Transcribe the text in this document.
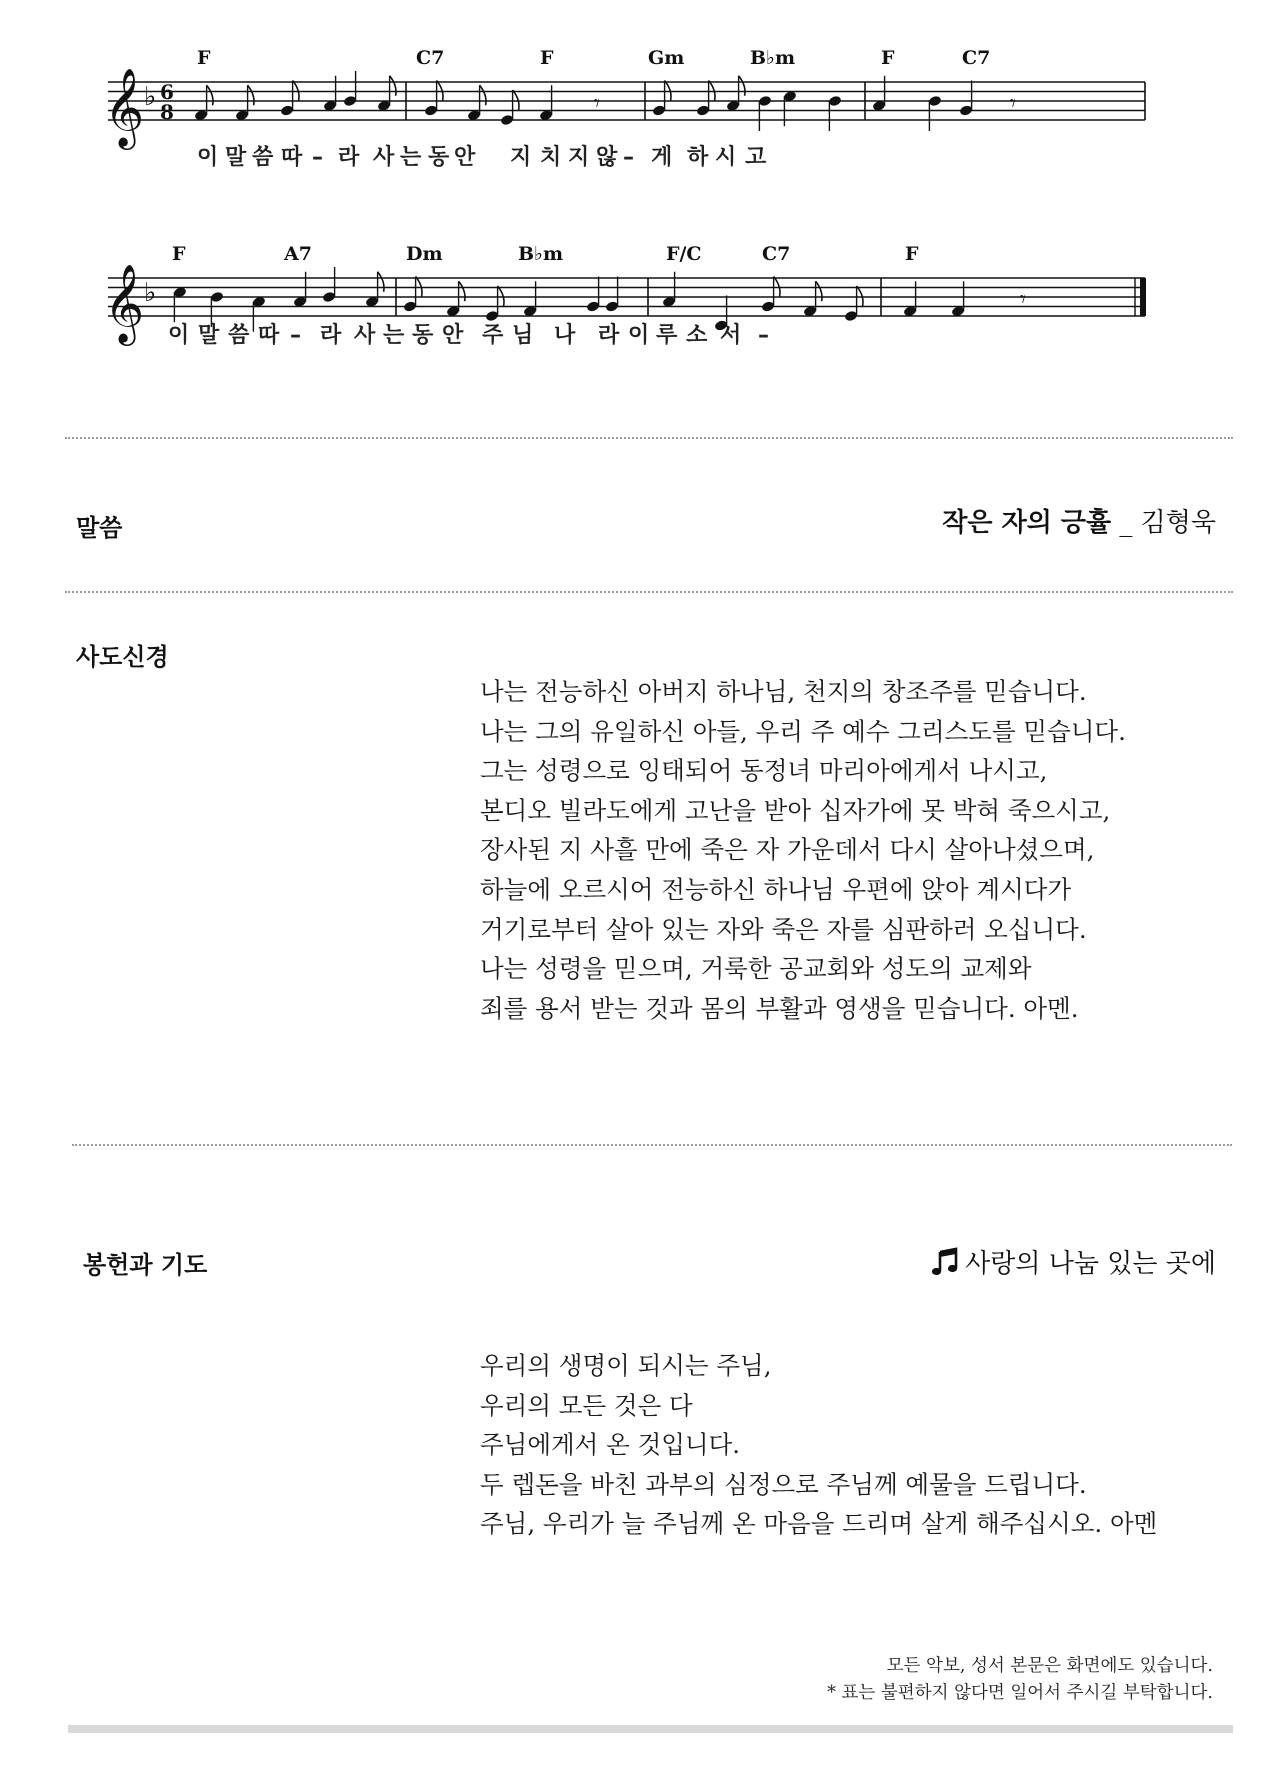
𝄞 ♭ 6
8	𝄾	𝄾
F	C7	F	Gm	B♭m	F	C7
이 말 씀 따 – 라 사 는 동 안 지 치 지 않 – 게 하 시 고
𝄞 ♭	𝄾
F	A7	Dm	B♭m	F/C	C7	F
이 말 씀 따 – 라 사 는 동 안 주 님 나 라 이 루 소 서 –
말씀	작은 자의 긍휼 _ 김형욱
사도신경
나는 전능하신 아버지 하나님, 천지의 창조주를 믿습니다.
나는 그의 유일하신 아들, 우리 주 예수 그리스도를 믿습니다.
그는 성령으로 잉태되어 동정녀 마리아에게서 나시고,
본디오 빌라도에게 고난을 받아 십자가에 못 박혀 죽으시고,
장사된 지 사흘 만에 죽은 자 가운데서 다시 살아나셨으며,
하늘에 오르시어 전능하신 하나님 우편에 앉아 계시다가
거기로부터 살아 있는 자와 죽은 자를 심판하러 오십니다.
나는 성령을 믿으며, 거룩한 공교회와 성도의 교제와
죄를 용서 받는 것과 몸의 부활과 영생을 믿습니다. 아멘.
봉헌과 기도	사랑의 나눔 있는 곳에
우리의 생명이 되시는 주님,
우리의 모든 것은 다
주님에게서 온 것입니다.
두 렙돈을 바친 과부의 심정으로 주님께 예물을 드립니다.
주님, 우리가 늘 주님께 온 마음을 드리며 살게 해주십시오. 아멘
모든 악보, 성서 본문은 화면에도 있습니다.
* 표는 불편하지 않다면 일어서 주시길 부탁합니다.
